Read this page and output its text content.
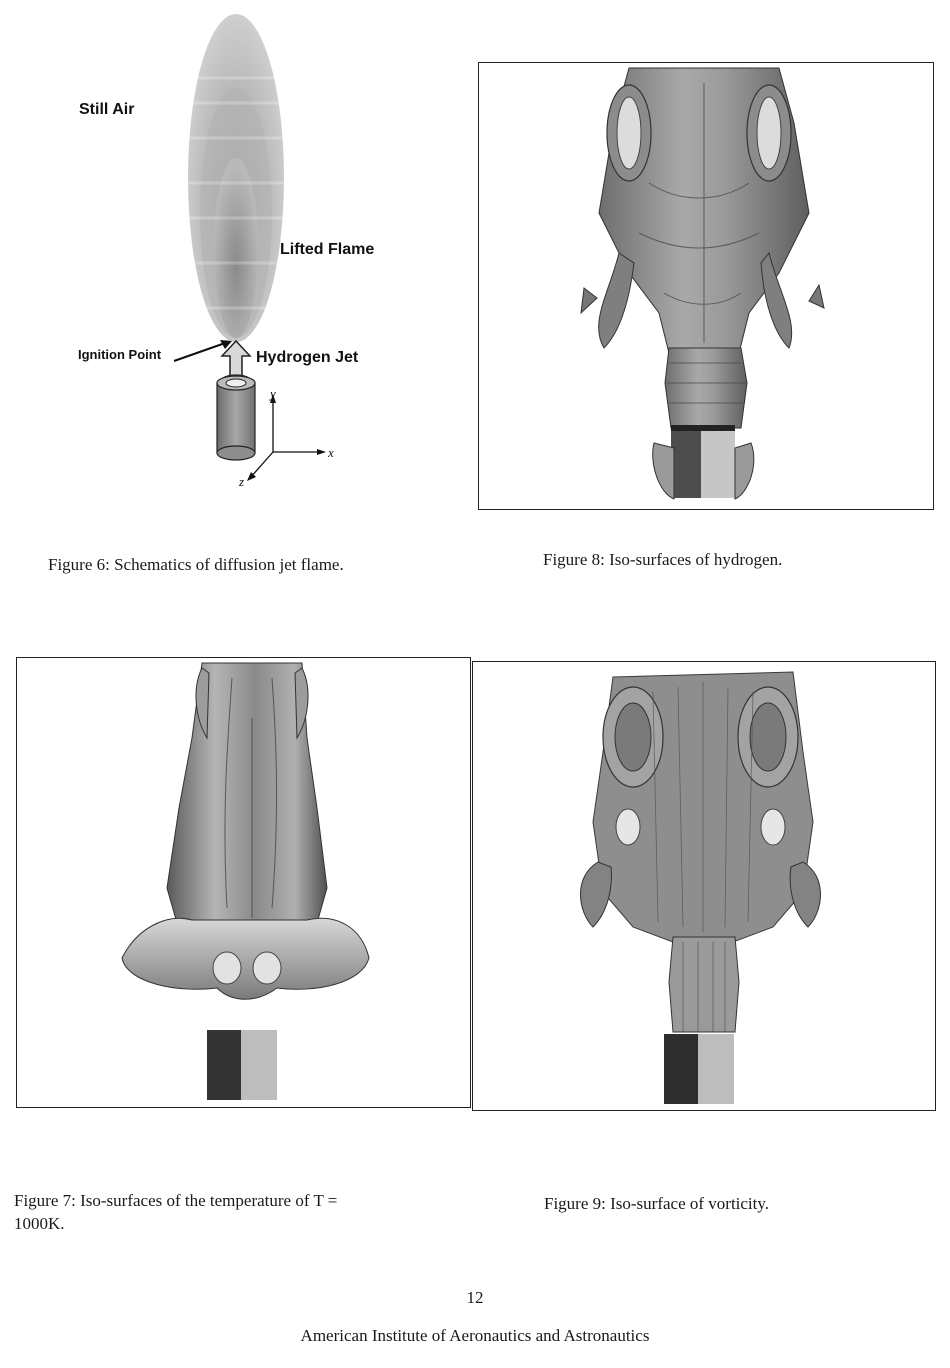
Still Air
Lifted Flame
Ignition Point	Hydrogen Jet
y
x
z
Figure 6: Schematics of diffusion jet flame.	Figure 8: Iso-surfaces of hydrogen.
Figure 7: Iso-surfaces of the temperature of T =
1000K.
Figure 9: Iso-surface of vorticity.
12
American Institute of Aeronautics and Astronautics
